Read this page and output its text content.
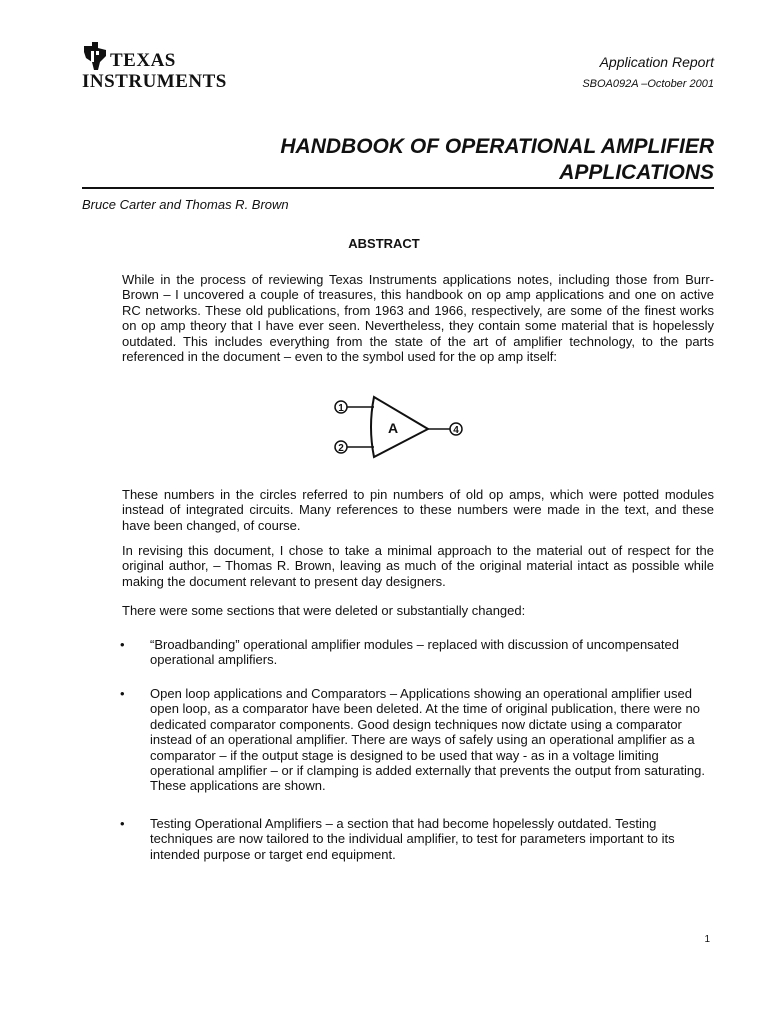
TEXAS
INSTRUMENTS
Application Report
SBOA092A –October 2001
HANDBOOK OF OPERATIONAL AMPLIFIER
APPLICATIONS
Bruce Carter and Thomas R. Brown
ABSTRACT

While in the process of reviewing Texas Instruments applications notes, including those from Burr-Brown – I uncovered a couple of treasures, this handbook on op amp applications and one on active RC networks. These old publications, from 1963 and 1966, respectively, are some of the finest works on op amp theory that I have ever seen. Nevertheless, they contain some material that is hopelessly outdated. This includes everything from the state of the art of amplifier technology, to the parts referenced in the document – even to the symbol used for the op amp itself:

1
2
A	4

These numbers in the circles referred to pin numbers of old op amps, which were potted modules instead of integrated circuits. Many references to these numbers were made in the text, and these have been changed, of course.

In revising this document, I chose to take a minimal approach to the material out of respect for the original author, – Thomas R. Brown, leaving as much of the original material intact as possible while making the document relevant to present day designers.

There were some sections that were deleted or substantially changed:

• “Broadbanding” operational amplifier modules – replaced with discussion of uncompensated operational amplifiers.

• Open loop applications and Comparators – Applications showing an operational amplifier used open loop, as a comparator have been deleted. At the time of original publication, there were no dedicated comparator components. Good design techniques now dictate using a comparator instead of an operational amplifier. There are ways of safely using an operational amplifier as a comparator – if the output stage is designed to be used that way - as in a voltage limiting operational amplifier – or if clamping is added externally that prevents the output from saturating. These applications are shown.

• Testing Operational Amplifiers – a section that had become hopelessly outdated. Testing techniques are now tailored to the individual amplifier, to test for parameters important to its intended purpose or target end equipment.

1
